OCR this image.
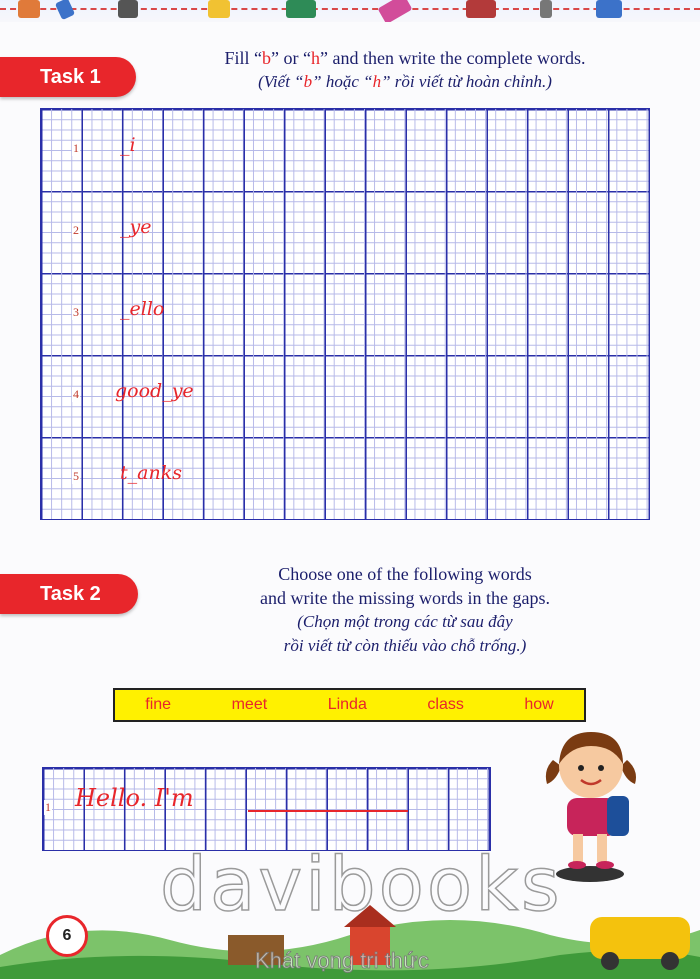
Task 1
Fill “b” or “h” and then write the complete words.
(Viết “b” hoặc “h” rồi viết từ hoàn chỉnh.)
1 _i
2 _ye
3 _ello
4 good_ye
5 t_anks
Task 2
Choose one of the following words
and write the missing words in the gaps.
(Chọn một trong các từ sau đây
rồi viết từ còn thiếu vào chỗ trống.)
fine	meet	Linda	class	how
1 Hello. I'm
davibooks
Khát vọng tri thức
6
